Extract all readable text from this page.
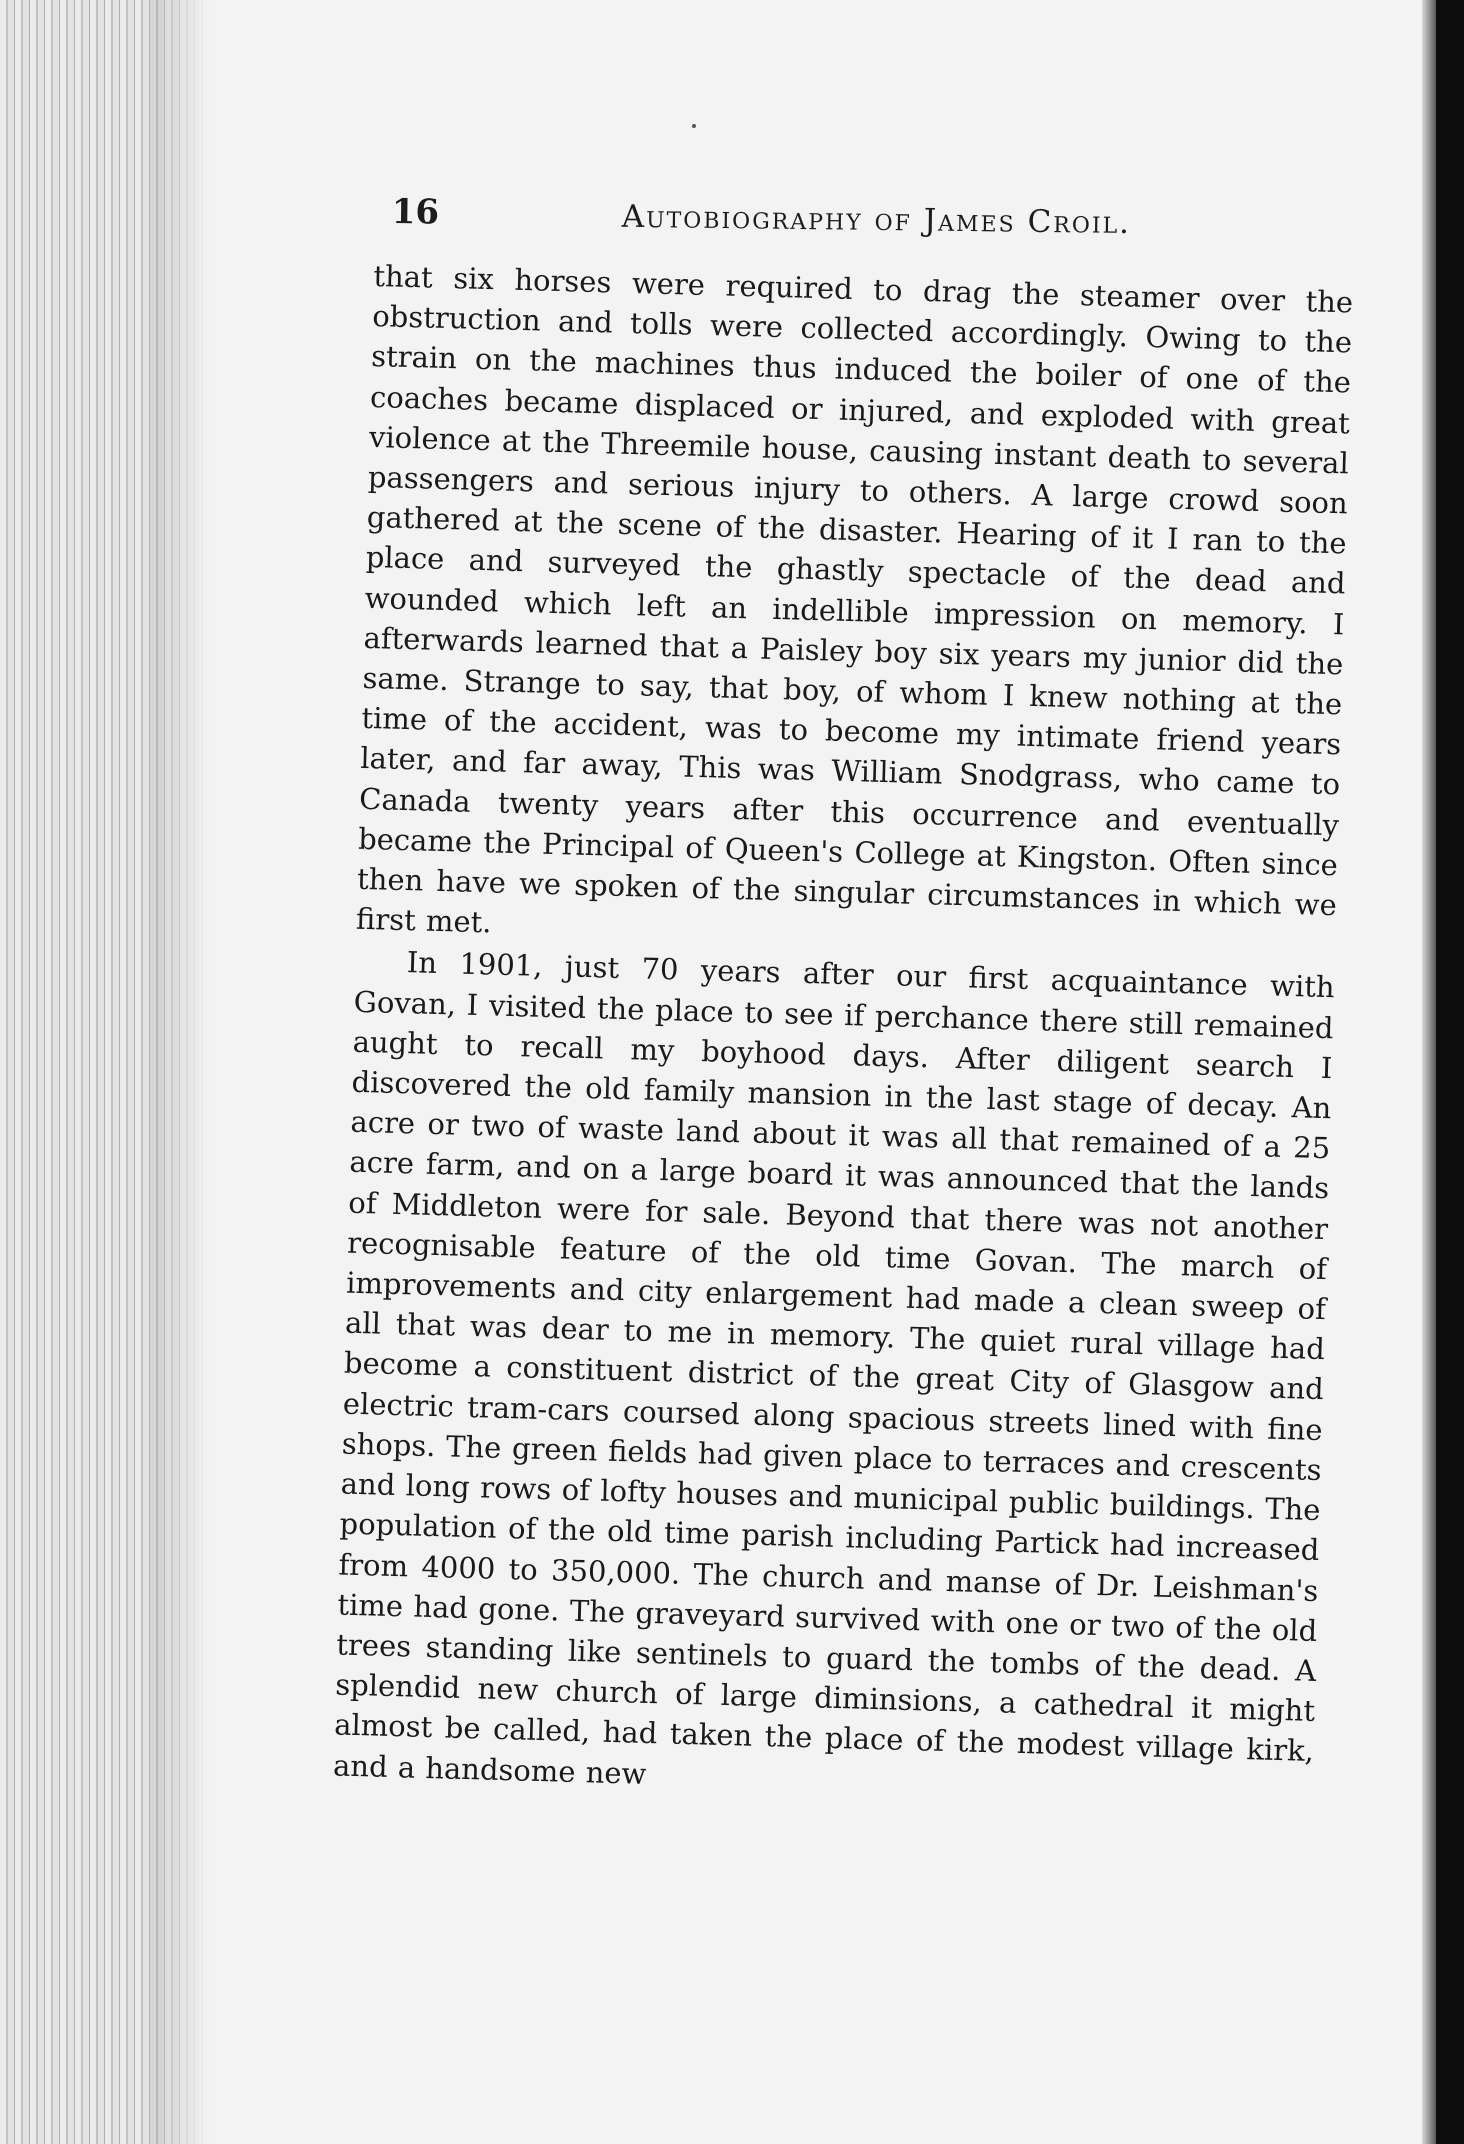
16	Autobiography of James Croil.

that six horses were required to drag the steamer over the obstruction and tolls were collected accordingly. Owing to the strain on the machines thus induced the boiler of one of the coaches became displaced or injured, and exploded with great violence at the Threemile house, causing instant death to several passengers and serious injury to others. A large crowd soon gathered at the scene of the disaster. Hearing of it I ran to the place and surveyed the ghastly spectacle of the dead and wounded which left an indellible impression on memory. I afterwards learned that a Paisley boy six years my junior did the same. Strange to say, that boy, of whom I knew nothing at the time of the accident, was to become my intimate friend years later, and far away, This was William Snodgrass, who came to Canada twenty years after this occurrence and eventually became the Principal of Queen's College at Kingston. Often since then have we spoken of the singular circumstances in which we first met.

In 1901, just 70 years after our first acquaintance with Govan, I visited the place to see if perchance there still remained aught to recall my boyhood days. After diligent search I discovered the old family mansion in the last stage of decay. An acre or two of waste land about it was all that remained of a 25 acre farm, and on a large board it was announced that the lands of Middleton were for sale. Beyond that there was not another recognisable feature of the old time Govan. The march of improvements and city enlargement had made a clean sweep of all that was dear to me in memory. The quiet rural village had become a constituent district of the great City of Glasgow and electric tram-cars coursed along spacious streets lined with fine shops. The green fields had given place to terraces and crescents and long rows of lofty houses and municipal public buildings. The population of the old time parish including Partick had increased from 4000 to 350,000. The church and manse of Dr. Leishman's time had gone. The graveyard survived with one or two of the old trees standing like sentinels to guard the tombs of the dead. A splendid new church of large diminsions, a cathedral it might almost be called, had taken the place of the modest village kirk, and a handsome new
